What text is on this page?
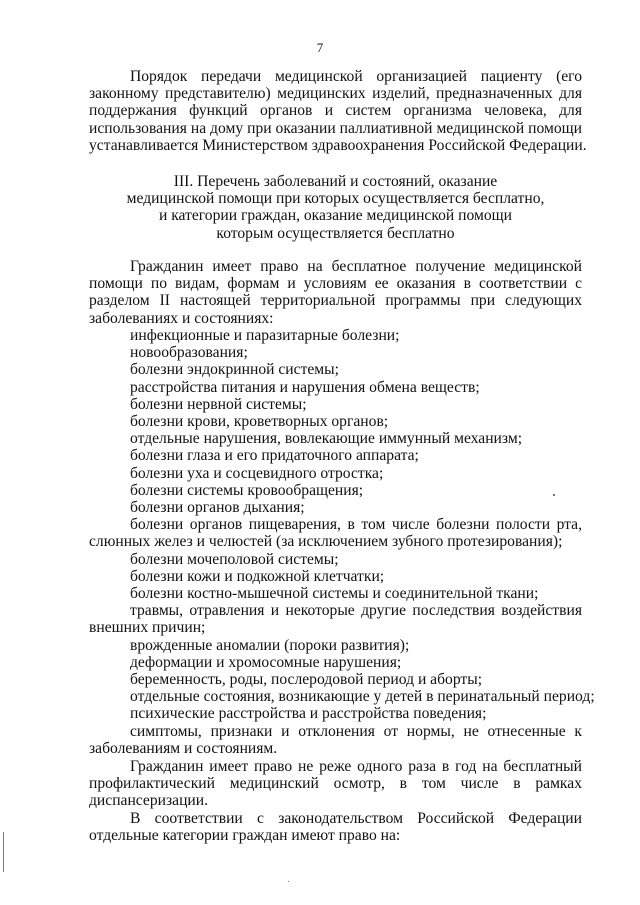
7

Порядок передачи медицинской организацией пациенту (его

законному представителю) медицинских изделий, предназначенных для

поддержания функций органов и систем организма человека, для

использования на дому при оказании паллиативной медицинской помощи

устанавливается Министерством здравоохранения Российской Федерации.

III. Перечень заболеваний и состояний, оказание
медицинской помощи при которых осуществляется бесплатно,
и категории граждан, оказание медицинской помощи
которым осуществляется бесплатно

Гражданин имеет право на бесплатное получение медицинской

помощи по видам, формам и условиям ее оказания в соответствии с

разделом II настоящей территориальной программы при следующих

заболеваниях и состояниях:

инфекционные и паразитарные болезни;

новообразования;

болезни эндокринной системы;

расстройства питания и нарушения обмена веществ;

болезни нервной системы;

болезни крови, кроветворных органов;

отдельные нарушения, вовлекающие иммунный механизм;

болезни глаза и его придаточного аппарата;

болезни уха и сосцевидного отростка;

болезни системы кровообращения;

болезни органов дыхания;

болезни органов пищеварения, в том числе болезни полости рта,

слюнных желез и челюстей (за исключением зубного протезирования);

болезни мочеполовой системы;

болезни кожи и подкожной клетчатки;

болезни костно-мышечной системы и соединительной ткани;

травмы, отравления и некоторые другие последствия воздействия

внешних причин;

врожденные аномалии (пороки развития);

деформации и хромосомные нарушения;

беременность, роды, послеродовой период и аборты;

отдельные состояния, возникающие у детей в перинатальный период;

психические расстройства и расстройства поведения;

симптомы, признаки и отклонения от нормы, не отнесенные к

заболеваниям и состояниям.

Гражданин имеет право не реже одного раза в год на бесплатный

профилактический медицинский осмотр, в том числе в рамках

диспансеризации.

В соответствии с законодательством Российской Федерации

отдельные категории граждан имеют право на:
